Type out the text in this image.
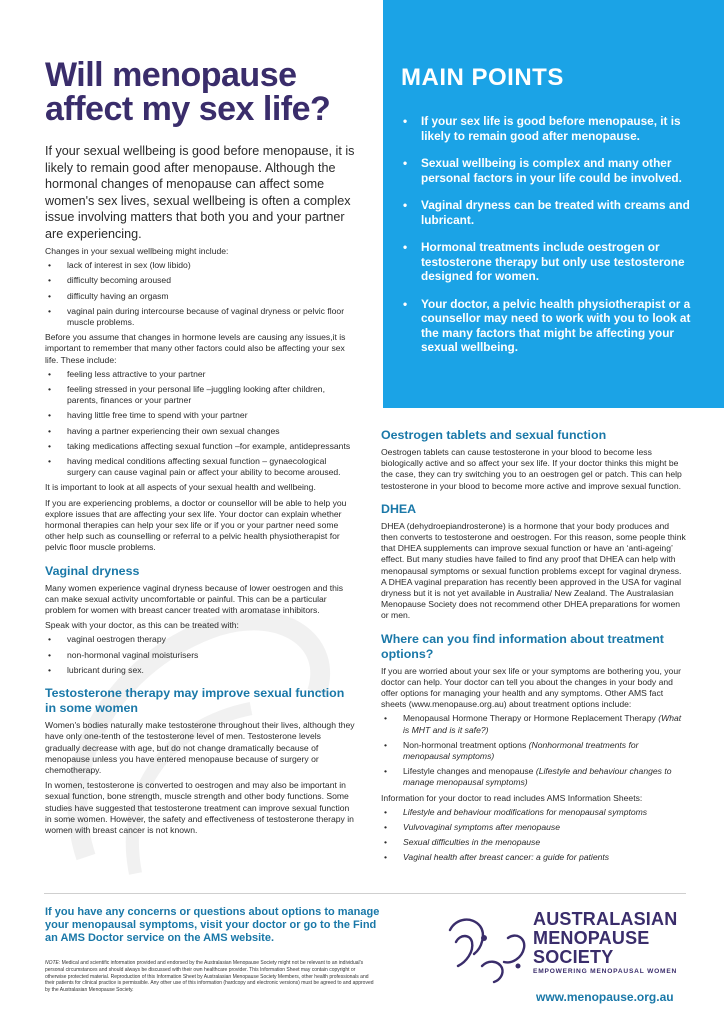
MAIN POINTS
• If your sex life is good before menopause, it is likely to remain good after menopause.
• Sexual wellbeing is complex and many other personal factors in your life could be involved.
• Vaginal dryness can be treated with creams and lubricant.
• Hormonal treatments include oestrogen or testosterone therapy but only use testosterone designed for women.
• Your doctor, a pelvic health physiotherapist or a counsellor may need to work with you to look at the many factors that might be affecting your sexual wellbeing.
Will menopause affect my sex life?

If your sexual wellbeing is good before menopause, it is likely to remain good after menopause. Although the hormonal changes of menopause can affect some women's sex lives, sexual wellbeing is often a complex issue involving matters that both you and your partner are experiencing.

Changes in your sexual wellbeing might include:

• lack of interest in sex (low libido)
• difficulty becoming aroused
• difficulty having an orgasm
• vaginal pain during intercourse because of vaginal dryness or pelvic floor muscle problems.

Before you assume that changes in hormone levels are causing any issues,it is important to remember that many other factors could also be affecting your sex life. These include:

• feeling less attractive to your partner
• feeling stressed in your personal life –juggling looking after children, parents, finances or your partner
• having little free time to spend with your partner
• having a partner experiencing their own sexual changes
• taking medications affecting sexual function –for example, antidepressants
• having medical conditions affecting sexual function – gynaecological surgery can cause vaginal pain or affect your ability to become aroused.

It is important to look at all aspects of your sexual health and wellbeing.

If you are experiencing problems, a doctor or counsellor will be able to help you explore issues that are affecting your sex life. Your doctor can explain whether hormonal therapies can help your sex life or if you or your partner need some other help such as counselling or referral to a pelvic health physiotherapist for pelvic floor muscle problems.

Vaginal dryness

Many women experience vaginal dryness because of lower oestrogen and this can make sexual activity uncomfortable or painful. This can be a particular problem for women with breast cancer treated with aromatase inhibitors.

Speak with your doctor, as this can be treated with:

• vaginal oestrogen therapy
• non-hormonal vaginal moisturisers
• lubricant during sex.
Testosterone therapy may improve sexual function in some women

Women's bodies naturally make testosterone throughout their lives, although they have only one-tenth of the testosterone level of men. Testosterone levels gradually decrease with age, but do not change dramatically because of menopause unless you have entered menopause because of surgery or chemotherapy.

In women, testosterone is converted to oestrogen and may also be important in sexual function, bone strength, muscle strength and other body functions. Some studies have suggested that testosterone treatment can improve sexual function in some women. However, the safety and effectiveness of testosterone therapy in women with breast cancer is not known.

Oestrogen tablets and sexual function

Oestrogen tablets can cause testosterone in your blood to become less biologically active and so affect your sex life. If your doctor thinks this might be the case, they can try switching you to an oestrogen gel or patch. This can help testosterone in your blood to become more active and improve sexual function.

DHEA

DHEA (dehydroepiandrosterone) is a hormone that your body produces and then converts to testosterone and oestrogen. For this reason, some people think that DHEA supplements can improve sexual function or have an ‘anti-ageing’ effect. But many studies have failed to find any proof that DHEA can help with menopausal symptoms or sexual function problems except for vaginal dryness. A DHEA vaginal preparation has recently been approved in the USA for vaginal dryness but it is not yet available in Australia/ New Zealand. The Australasian Menopause Society does not recommend other DHEA preparations for women or men.

Where can you find information about treatment options?

If you are worried about your sex life or your symptoms are bothering you, your doctor can help. Your doctor can tell you about the changes in your body and offer options for managing your health and any symptoms. Other AMS fact sheets (www.menopause.org.au) about treatment options include:

• Menopausal Hormone Therapy or Hormone Replacement Therapy (What is MHT and is it safe?)
• Non-hormonal treatment options (Nonhormonal treatments for menopausal symptoms)
• Lifestyle changes and menopause (Lifestyle and behaviour changes to manage menopausal symptoms)

Information for your doctor to read includes AMS Information Sheets:

• Lifestyle and behaviour modifications for menopausal symptoms
• Vulvovaginal symptoms after menopause
• Sexual difficulties in the menopause
• Vaginal health after breast cancer: a guide for patients
If you have any concerns or questions about options to manage your menopausal symptoms, visit your doctor or go to the Find an AMS Doctor service on the AMS website.
NOTE: Medical and scientific information provided and endorsed by the Australasian Menopause Society might not be relevant to an individual's personal circumstances and should always be discussed with their own healthcare provider. This Information Sheet may contain copyright or otherwise protected material. Reproduction of this Information Sheet by Australasian Menopause Society Members, other health professionals and their patients for clinical practice is permissible. Any other use of this information (hardcopy and electronic versions) must be agreed to and approved by the Australasian Menopause Society.
AUSTRALASIAN
MENOPAUSE
SOCIETY
EMPOWERING MENOPAUSAL WOMEN
www.menopause.org.au
